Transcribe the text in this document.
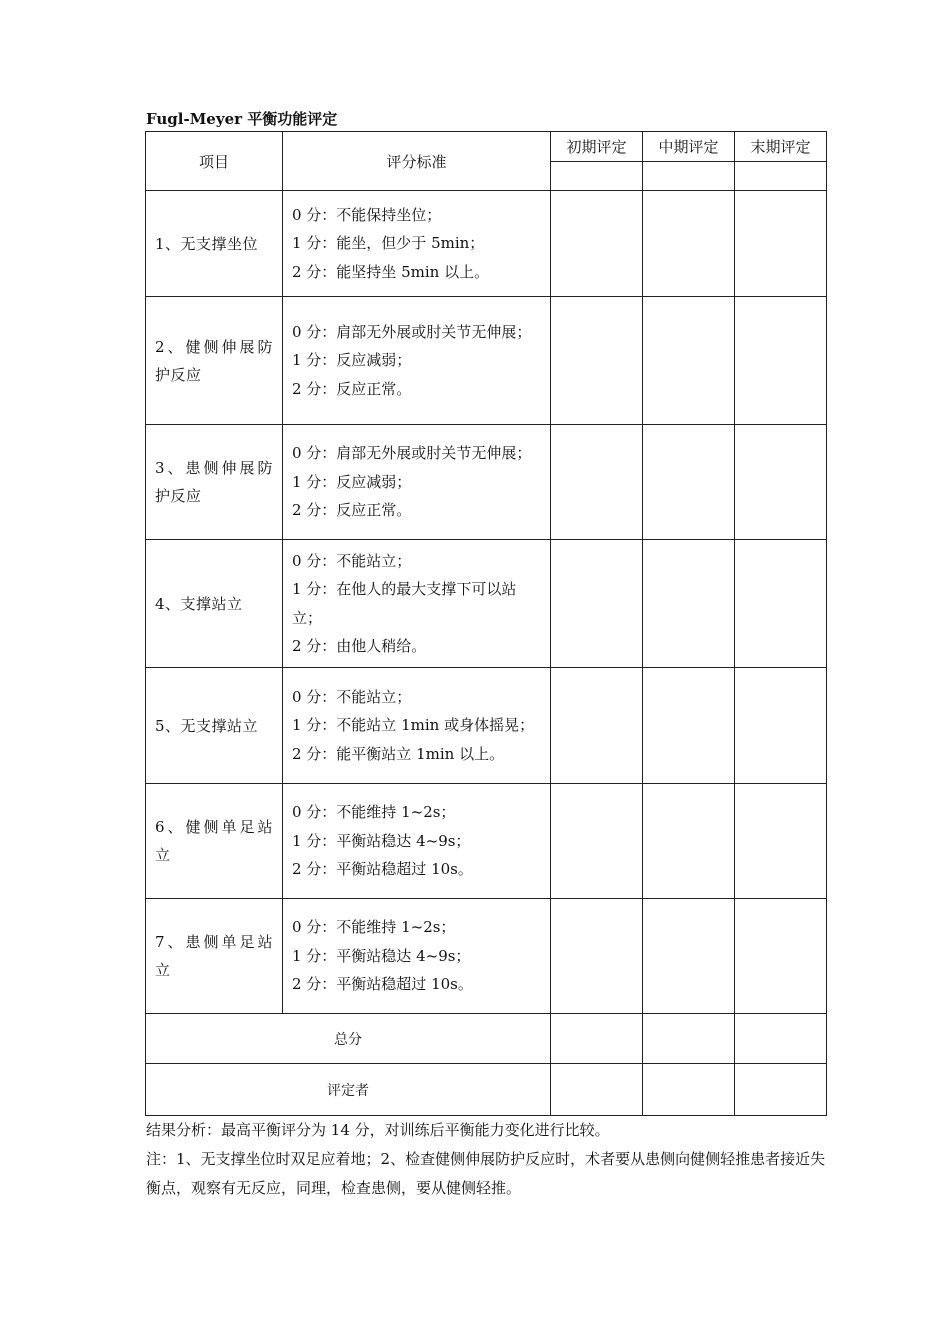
Fugl-Meyer 平衡功能评定
项目	评分标准	初期评定	中期评定	末期评定

1、无支撑坐位	0 分：不能保持坐位；
1 分：能坐，但少于 5min；
2 分：能坚持坐 5min 以上。			

2、健侧伸展防护反应	0 分：肩部无外展或肘关节无伸展；
1 分：反应减弱；
2 分：反应正常。			

3、患侧伸展防护反应	0 分：肩部无外展或肘关节无伸展；
1 分：反应减弱；
2 分：反应正常。			

4、支撑站立	0 分：不能站立；
1 分：在他人的最大支撑下可以站立；
2 分：由他人稍给。			

5、无支撑站立	0 分：不能站立；
1 分：不能站立 1min 或身体摇晃；
2 分：能平衡站立 1min 以上。			

6、健侧单足站立	0 分：不能维持 1~2s；
1 分：平衡站稳达 4~9s；
2 分：平衡站稳超过 10s。			

7、患侧单足站立	0 分：不能维持 1~2s；
1 分：平衡站稳达 4~9s；
2 分：平衡站稳超过 10s。			

总分				
评定者				
结果分析：最高平衡评分为 14 分，对训练后平衡能力变化进行比较。
注：1、无支撑坐位时双足应着地；2、检查健侧伸展防护反应时，术者要从患侧向健侧轻推患者接近失衡点，观察有无反应，同理，检查患侧，要从健侧轻推。
